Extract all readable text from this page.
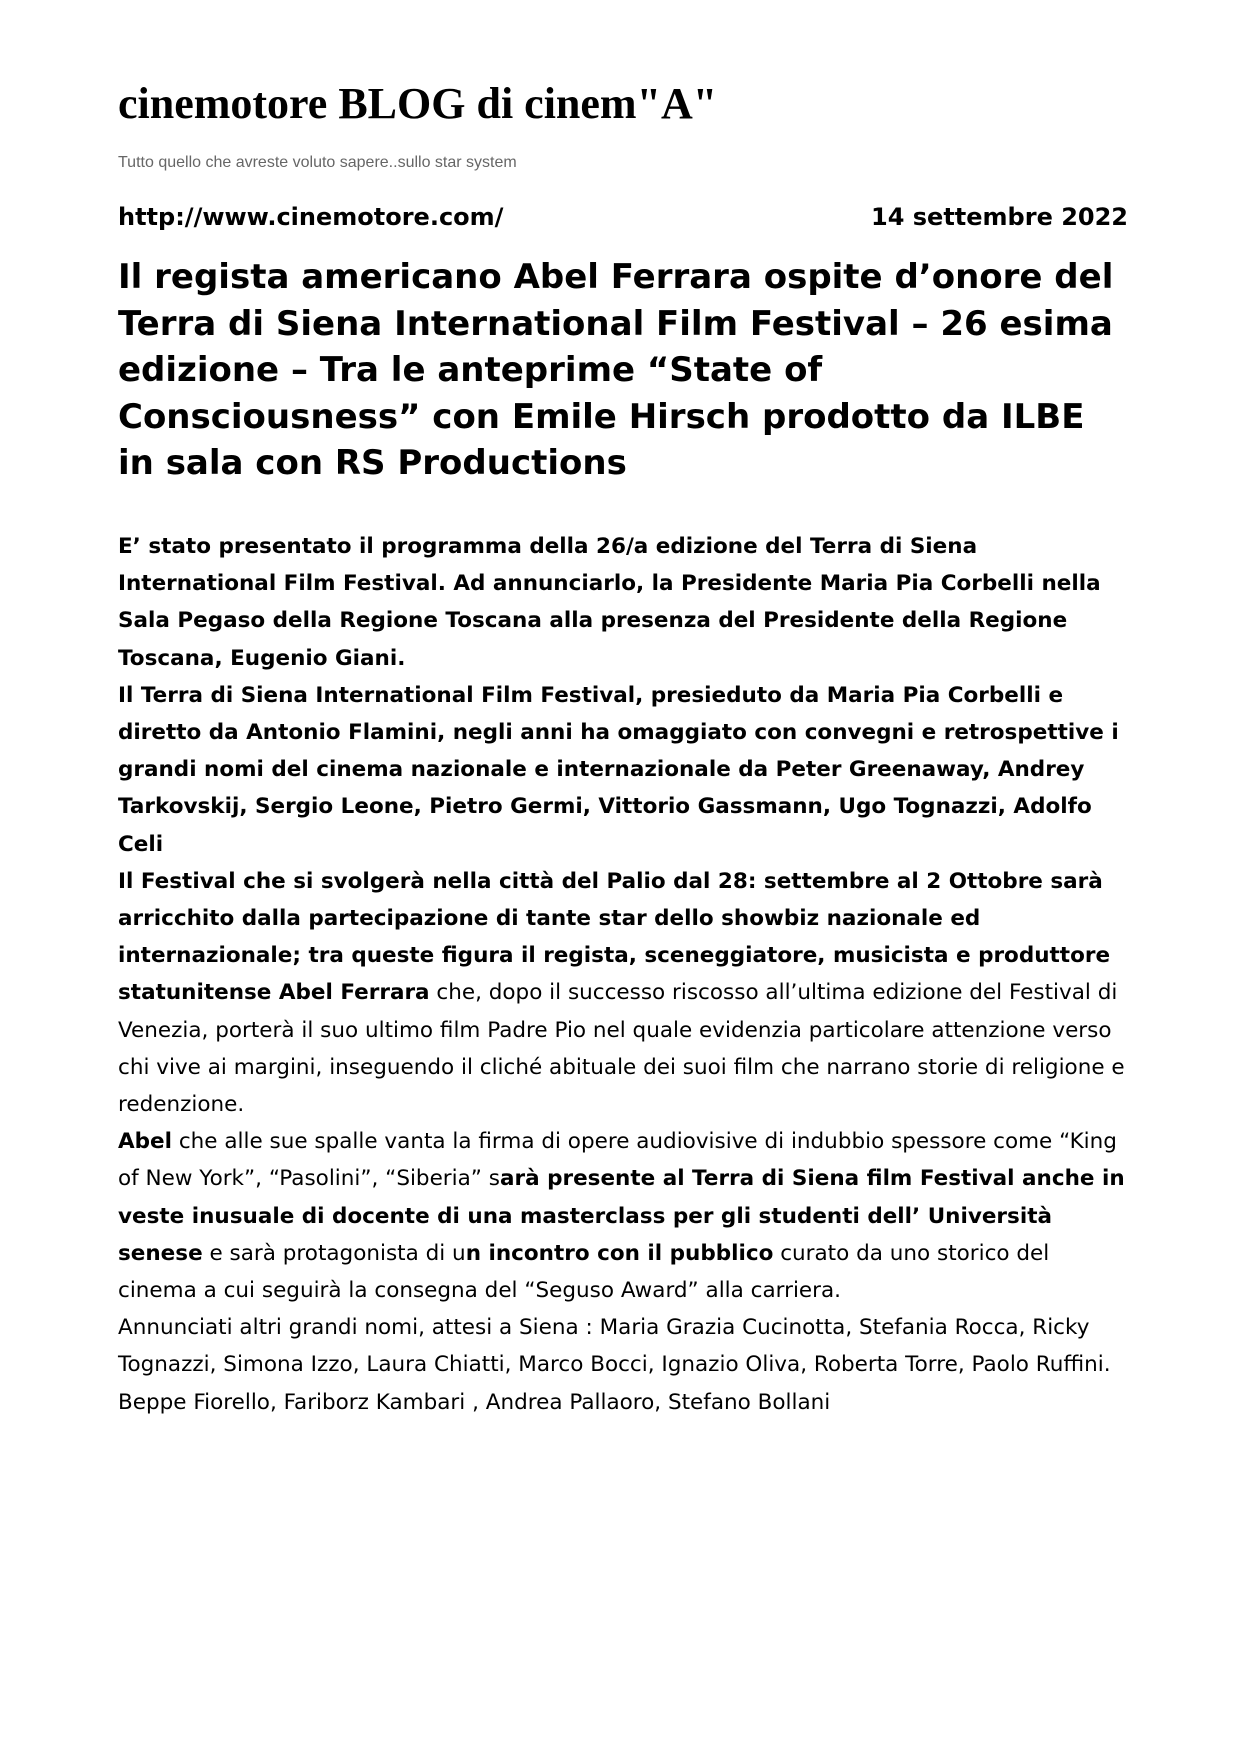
cinemotore BLOG di cinem"A"
Tutto quello che avreste voluto sapere..sullo star system
http://www.cinemotore.com/	14 settembre 2022
Il regista americano Abel Ferrara ospite d’onore del Terra di Siena International Film Festival – 26 esima edizione – Tra le anteprime “State of Consciousness” con Emile Hirsch prodotto da ILBE in sala con RS Productions

E’ stato presentato il programma della 26/a edizione del Terra di Siena International Film Festival. Ad annunciarlo, la Presidente Maria Pia Corbelli nella Sala Pegaso della Regione Toscana alla presenza del Presidente della Regione Toscana, Eugenio Giani.

Il Terra di Siena International Film Festival, presieduto da Maria Pia Corbelli e diretto da Antonio Flamini, negli anni ha omaggiato con convegni e retrospettive i grandi nomi del cinema nazionale e internazionale da Peter Greenaway, Andrey Tarkovskij, Sergio Leone, Pietro Germi, Vittorio Gassmann, Ugo Tognazzi, Adolfo Celi

Il Festival che si svolgerà nella città del Palio dal 28: settembre al 2 Ottobre sarà arricchito dalla partecipazione di tante star dello showbiz nazionale ed internazionale; tra queste figura il regista, sceneggiatore, musicista e produttore statunitense Abel Ferrara che, dopo il successo riscosso all’ultima edizione del Festival di Venezia, porterà il suo ultimo film Padre Pio nel quale evidenzia particolare attenzione verso chi vive ai margini, inseguendo il cliché abituale dei suoi film che narrano storie di religione e redenzione.

Abel che alle sue spalle vanta la firma di opere audiovisive di indubbio spessore come “King of New York”, “Pasolini”, “Siberia” sarà presente al Terra di Siena film Festival anche in veste inusuale di docente di una masterclass per gli studenti dell’ Università senese e sarà protagonista di un incontro con il pubblico curato da uno storico del cinema a cui seguirà la consegna del “Seguso Award” alla carriera.

Annunciati altri grandi nomi, attesi a Siena : Maria Grazia Cucinotta, Stefania Rocca, Ricky Tognazzi, Simona Izzo, Laura Chiatti, Marco Bocci, Ignazio Oliva, Roberta Torre, Paolo Ruffini. Beppe Fiorello, Fariborz Kambari , Andrea Pallaoro, Stefano Bollani
